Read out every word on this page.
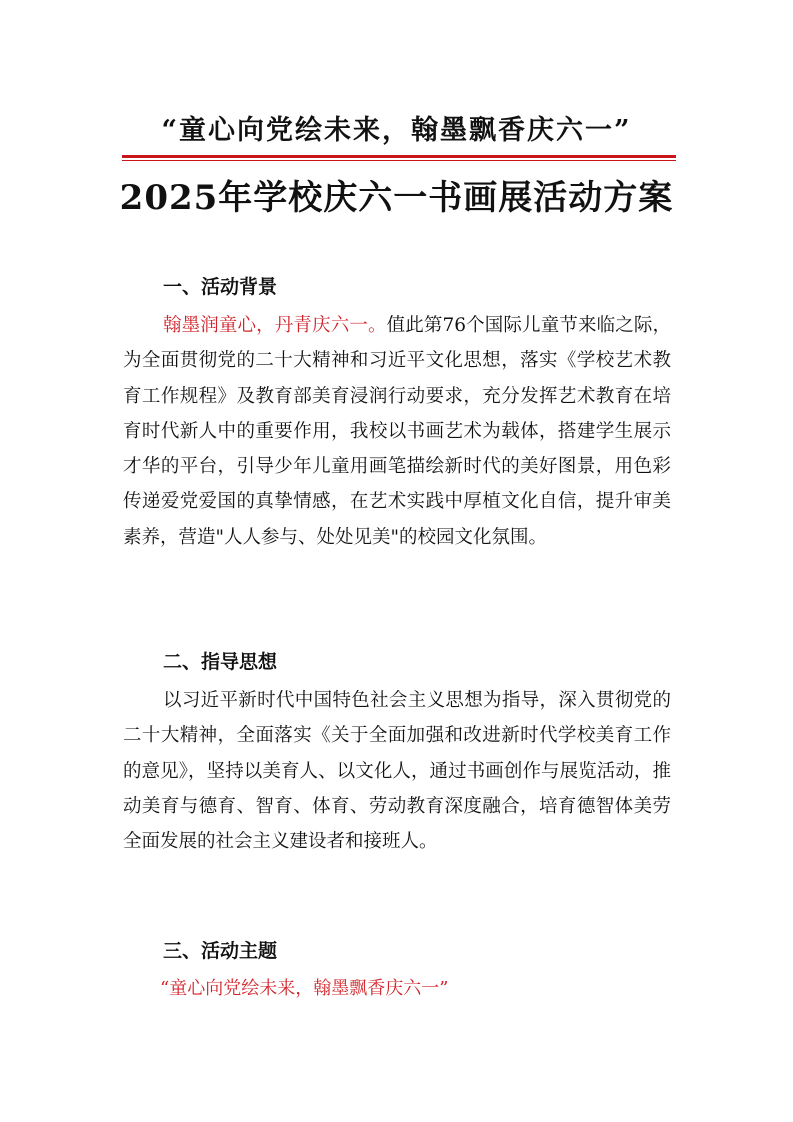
“童心向党绘未来，翰墨飘香庆六一”
2025年学校庆六一书画展活动方案
一、活动背景

翰墨润童心，丹青庆六一。值此第76个国际儿童节来临之际，为全面贯彻党的二十大精神和习近平文化思想，落实《学校艺术教育工作规程》及教育部美育浸润行动要求，充分发挥艺术教育在培育时代新人中的重要作用，我校以书画艺术为载体，搭建学生展示才华的平台，引导少年儿童用画笔描绘新时代的美好图景，用色彩传递爱党爱国的真挚情感，在艺术实践中厚植文化自信，提升审美素养，营造"人人参与、处处见美"的校园文化氛围。

二、指导思想

以习近平新时代中国特色社会主义思想为指导，深入贯彻党的二十大精神，全面落实《关于全面加强和改进新时代学校美育工作的意见》，坚持以美育人、以文化人，通过书画创作与展览活动，推动美育与德育、智育、体育、劳动教育深度融合，培育德智体美劳全面发展的社会主义建设者和接班人。

三、活动主题
“童心向党绘未来，翰墨飘香庆六一”
